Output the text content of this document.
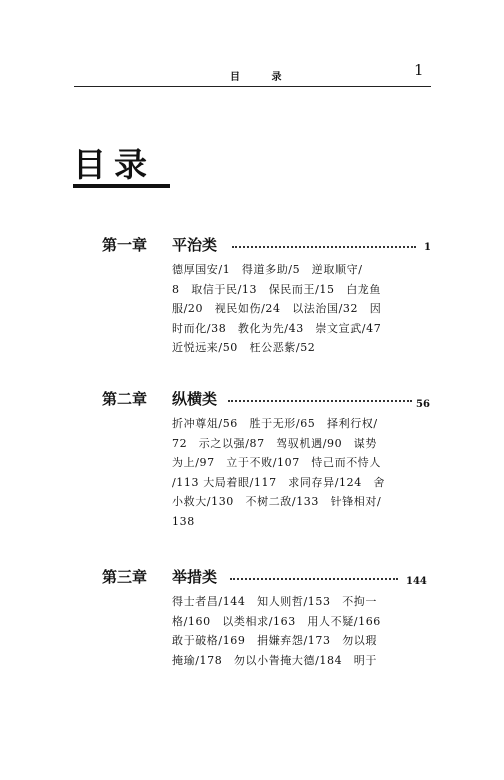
目 录	1
目录
第一章 平治类	1
德厚国安/1　得道多助/5　逆取顺守/
8　取信于民/13　保民而王/15　白龙鱼
服/20　视民如伤/24　以法治国/32　因
时而化/38　教化为先/43　崇文宣武/47
近悦远来/50　枉公恶紫/52
第二章 纵横类	56
折冲尊俎/56　胜于无形/65　择利行权/
72　示之以强/87　驾驭机遇/90　谋势
为上/97　立于不败/107　恃己而不恃人
/113 大局着眼/117　求同存异/124　舍
小救大/130　不树二敌/133　针锋相对/
138
第三章 举措类	144
得士者昌/144　知人则哲/153　不拘一
格/160　以类相求/163　用人不疑/166
敢于破格/169　捐嫌弃怨/173　勿以瑕
掩瑜/178　勿以小眚掩大德/184　明于
